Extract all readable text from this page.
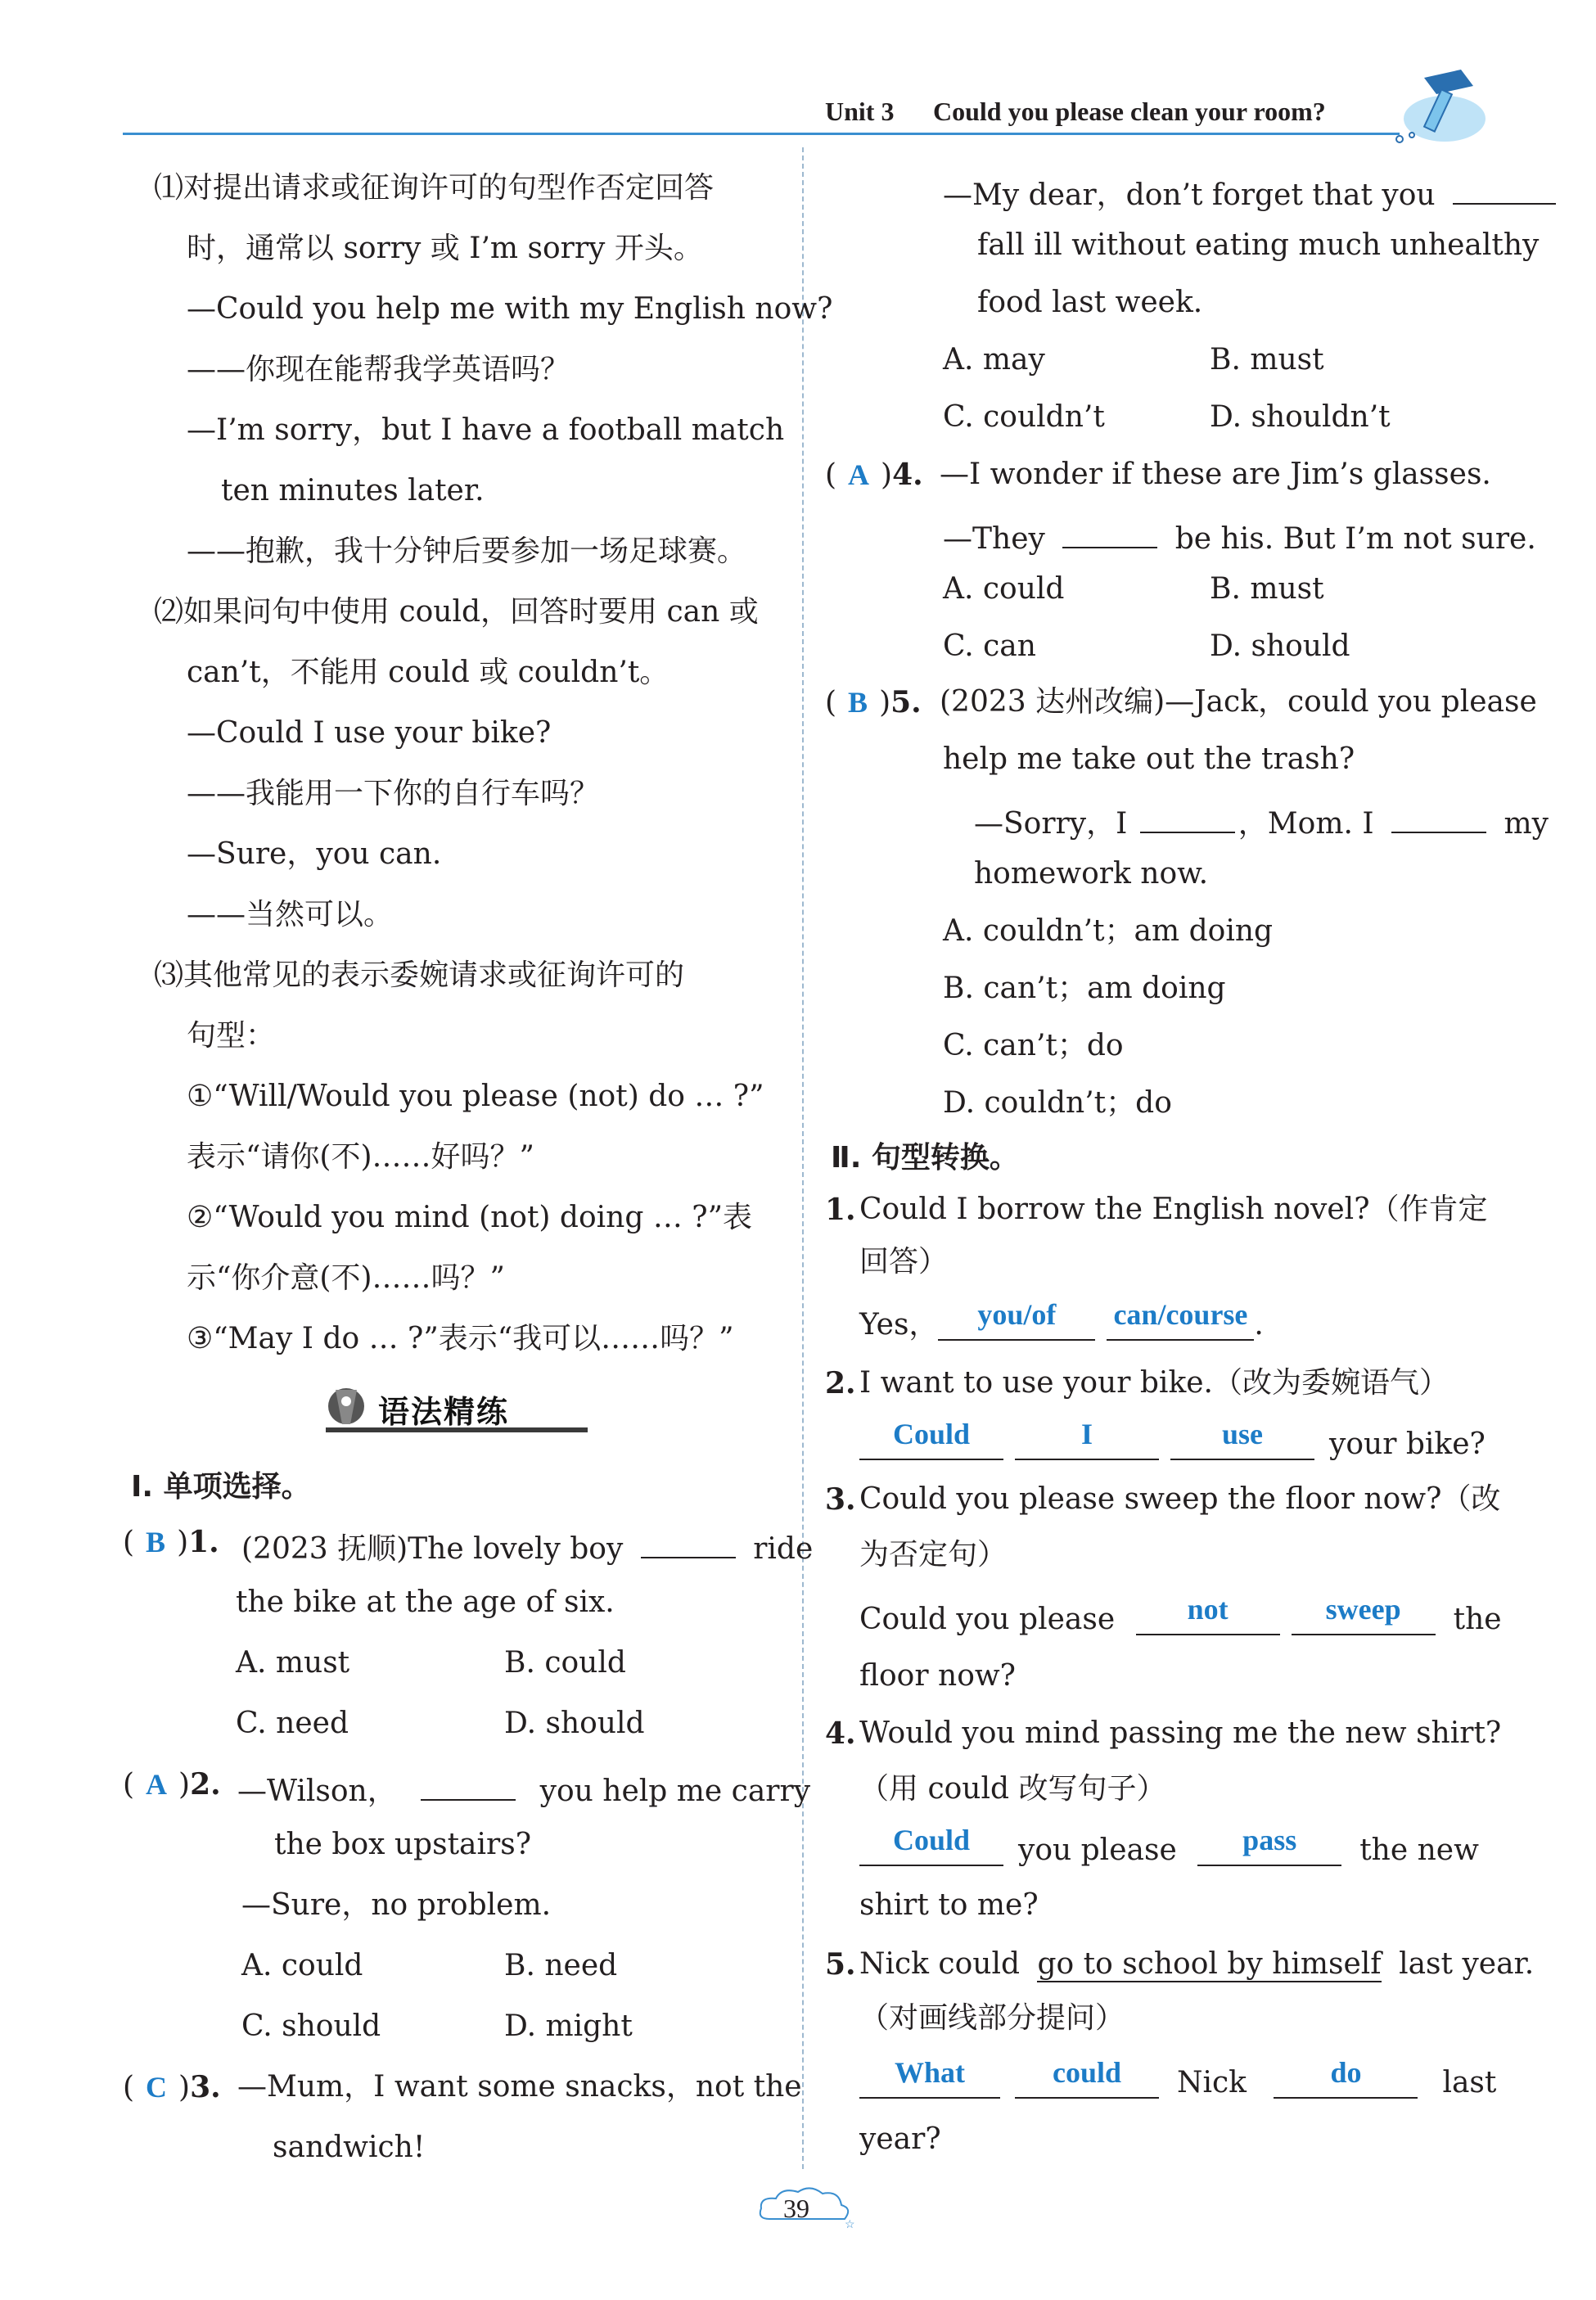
Unit 3 Could you please clean your room?
⑴对提出请求或征询许可的句型作否定回答
时，通常以 sorry 或 I’m sorry 开头。
—Could you help me with my English now?
——你现在能帮我学英语吗？
—I’m sorry，but I have a football match
ten minutes later.
——抱歉，我十分钟后要参加一场足球赛。
⑵如果问句中使用 could，回答时要用 can 或
can’t，不能用 could 或 couldn’t。
—Could I use your bike?
——我能用一下你的自行车吗？
—Sure，you can.
——当然可以。
⑶其他常见的表示委婉请求或征询许可的
句型：
①“Will/Would you please (not) do … ?”
表示“请你(不)……好吗？”
②“Would you mind (not) doing … ?”表
示“你介意(不)……吗？”
③“May I do … ?”表示“我可以……吗？”
语法精练
Ⅰ. 单项选择。
( B )1. (2023 抚顺)The lovely boy	ride
the bike at the age of six.
A. must	B. could
C. need	D. should
( A )2. —Wilson，	you help me carry
the box upstairs?
—Sure，no problem.
A. could	B. need
C. should	D. might
( C )3. —Mum，I want some snacks，not the
sandwich!
—My dear，don’t forget that you
fall ill without eating much unhealthy
food last week.
A. may	B. must
C. couldn’t	D. shouldn’t
( A )4. —I wonder if these are Jim’s glasses.
—They	be his. But I’m not sure.
A. could	B. must
C. can	D. should
( B )5. (2023 达州改编)—Jack，could you please
help me take out the trash?
—Sorry，I	，Mom. I	my
homework now.
A. couldn’t；am doing
B. can’t；am doing
C. can’t；do
D. couldn’t；do
Ⅱ. 句型转换。
1. Could I borrow the English novel?（作肯定
回答）
Yes， you/of can/course .
2. I want to use your bike.（改为委婉语气）
Could	I	use your bike?
3. Could you please sweep the floor now?（改
为否定句）
Could you please not	sweep the
floor now?
4. Would you mind passing me the new shirt?
（用 could 改写句子）
Could you please pass the new
shirt to me?
5. Nick could go to school by himself last year.
（对画线部分提问）
What	could Nick	do	last
year?
☆
39
